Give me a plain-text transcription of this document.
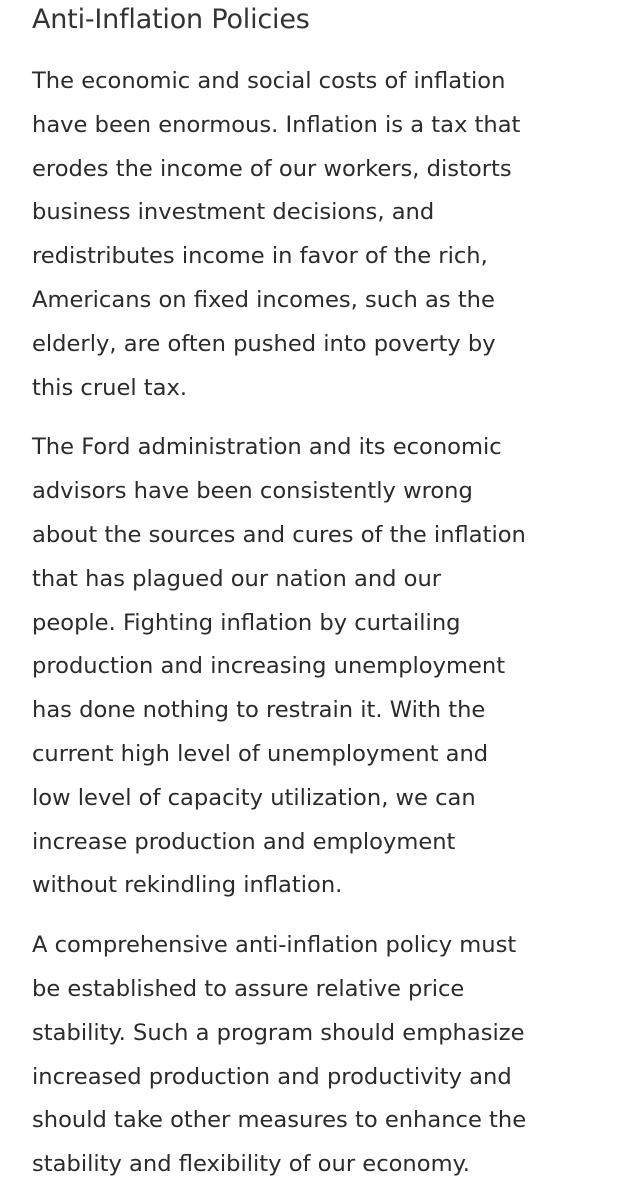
Anti-Inflation Policies

The economic and social costs of inflation
have been enormous. Inflation is a tax that
erodes the income of our workers, distorts
business investment decisions, and
redistributes income in favor of the rich,
Americans on fixed incomes, such as the
elderly, are often pushed into poverty by
this cruel tax.

The Ford administration and its economic
advisors have been consistently wrong
about the sources and cures of the inflation
that has plagued our nation and our
people. Fighting inflation by curtailing
production and increasing unemployment
has done nothing to restrain it. With the
current high level of unemployment and
low level of capacity utilization, we can
increase production and employment
without rekindling inflation.

A comprehensive anti-inflation policy must
be established to assure relative price
stability. Such a program should emphasize
increased production and productivity and
should take other measures to enhance the
stability and flexibility of our economy.
